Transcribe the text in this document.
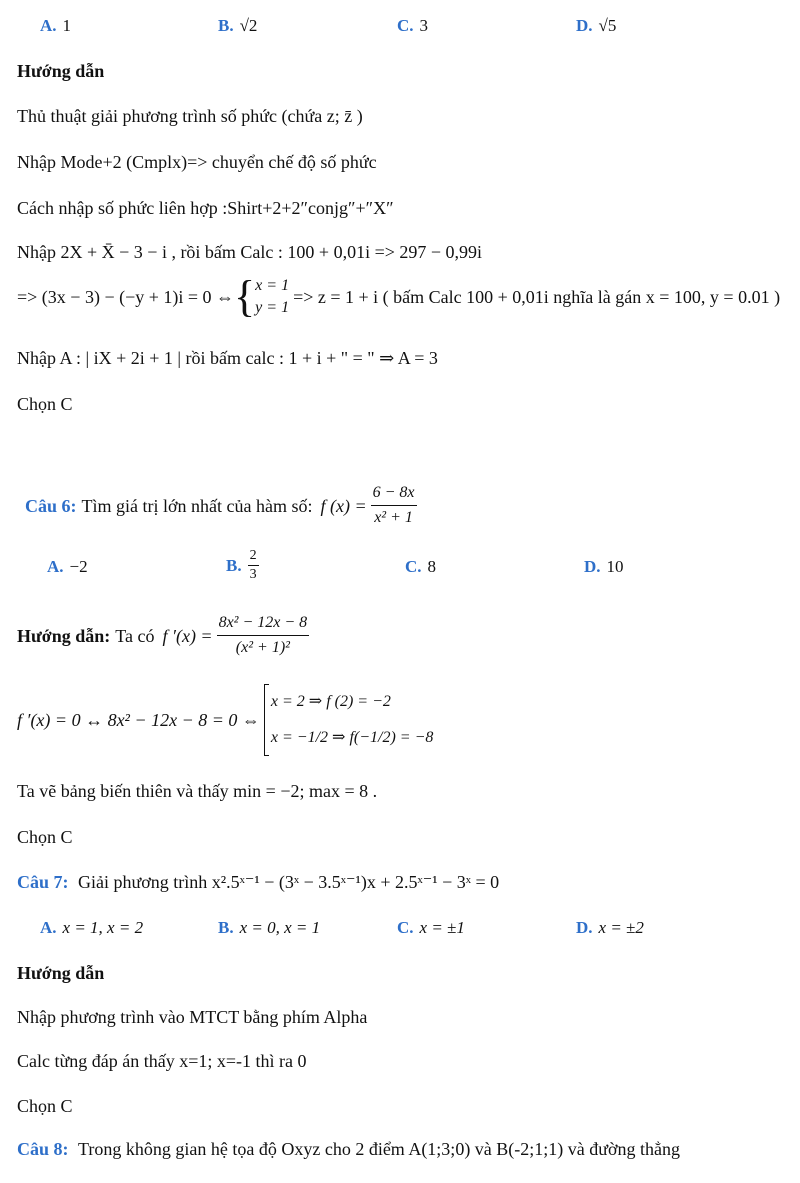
A. 1	B. √2	C. 3	D. √5
Hướng dẫn
Thủ thuật giải phương trình số phức (chứa z; z̄ )
Nhập Mode+2 (Cmplx)=> chuyển chế độ số phức
Cách nhập số phức liên hợp :Shirt+2+2″conjg″+″X″
Nhập 2X + X̄ − 3 − i , rồi bấm Calc : 100 + 0,01i => 297 − 0,99i
=> (3x − 3) − (−y + 1)i = 0 ⇔ { x = 1
y = 1
=> z = 1 + i ( bấm Calc 100 + 0,01i nghĩa là gán x = 100, y = 0.01 )
Nhập A : | iX + 2i + 1 | rồi bấm calc : 1 + i + " = " ⇒ A = 3
Chọn C
Câu 6: Tìm giá trị lớn nhất của hàm số: f $(x) = \frac{6 - 8x}{\text{x² + 1}}$
A. −2	B. $\frac{2}{3}$	C. 8	D. 10
Hướng dẫn: Ta có f $'(x) = \frac{\text{8x² − 12x − 8}}{\text{(x² + 1)²}}$
f ′(x) = 0 ↔ 8x² − 12x − 8 = 0 ⇔
x = 2 ⇒ f (2) = −2
x = −1/2 ⇒ f(−1/2) = −8
Ta vẽ bảng biến thiên và thấy min = −2; max = 8 .
Chọn C
Câu 7: Giải phương trình x².5ˣ⁻¹ − (3ˣ − 3.5ˣ⁻¹)x + 2.5ˣ⁻¹ − 3ˣ = 0
A. x = 1, x = 2	B. x = 0, x = 1	C. x = ±1	D. x = ±2
Hướng dẫn
Nhập phương trình vào MTCT bằng phím Alpha
Calc từng đáp án thấy x=1; x=-1 thì ra 0
Chọn C
Câu 8: Trong không gian hệ tọa độ Oxyz cho 2 điểm A(1;3;0) và B(-2;1;1) và đường thẳng
